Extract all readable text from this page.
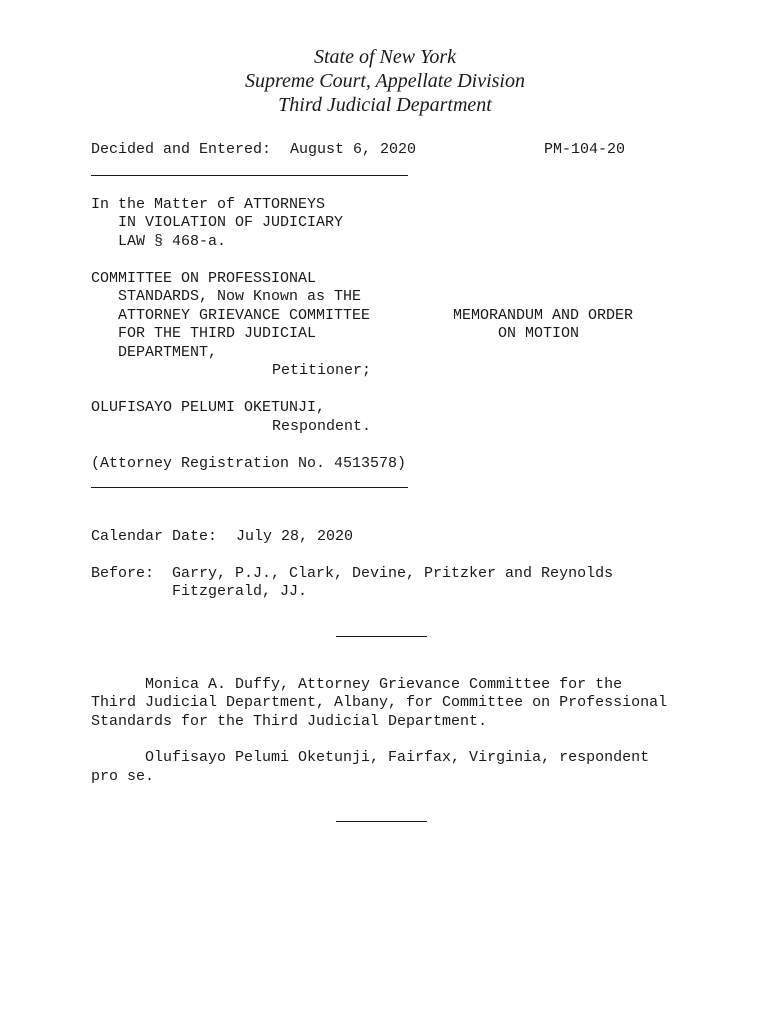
State of New York
Supreme Court, Appellate Division
Third Judicial Department
Decided and Entered: August 6, 2020	PM-104-20
In the Matter of ATTORNEYS
IN VIOLATION OF JUDICIARY
LAW § 468-a.
COMMITTEE ON PROFESSIONAL
STANDARDS, Now Known as THE
ATTORNEY GRIEVANCE COMMITTEE
FOR THE THIRD JUDICIAL
DEPARTMENT,
Petitioner;
MEMORANDUM AND ORDER
ON MOTION
OLUFISAYO PELUMI OKETUNJI,
Respondent.
(Attorney Registration No. 4513578)
Calendar Date: July 28, 2020
Before: Garry, P.J., Clark, Devine, Pritzker and Reynolds
Fitzgerald, JJ.
Monica A. Duffy, Attorney Grievance Committee for the
Third Judicial Department, Albany, for Committee on Professional
Standards for the Third Judicial Department.
Olufisayo Pelumi Oketunji, Fairfax, Virginia, respondent
pro se.
